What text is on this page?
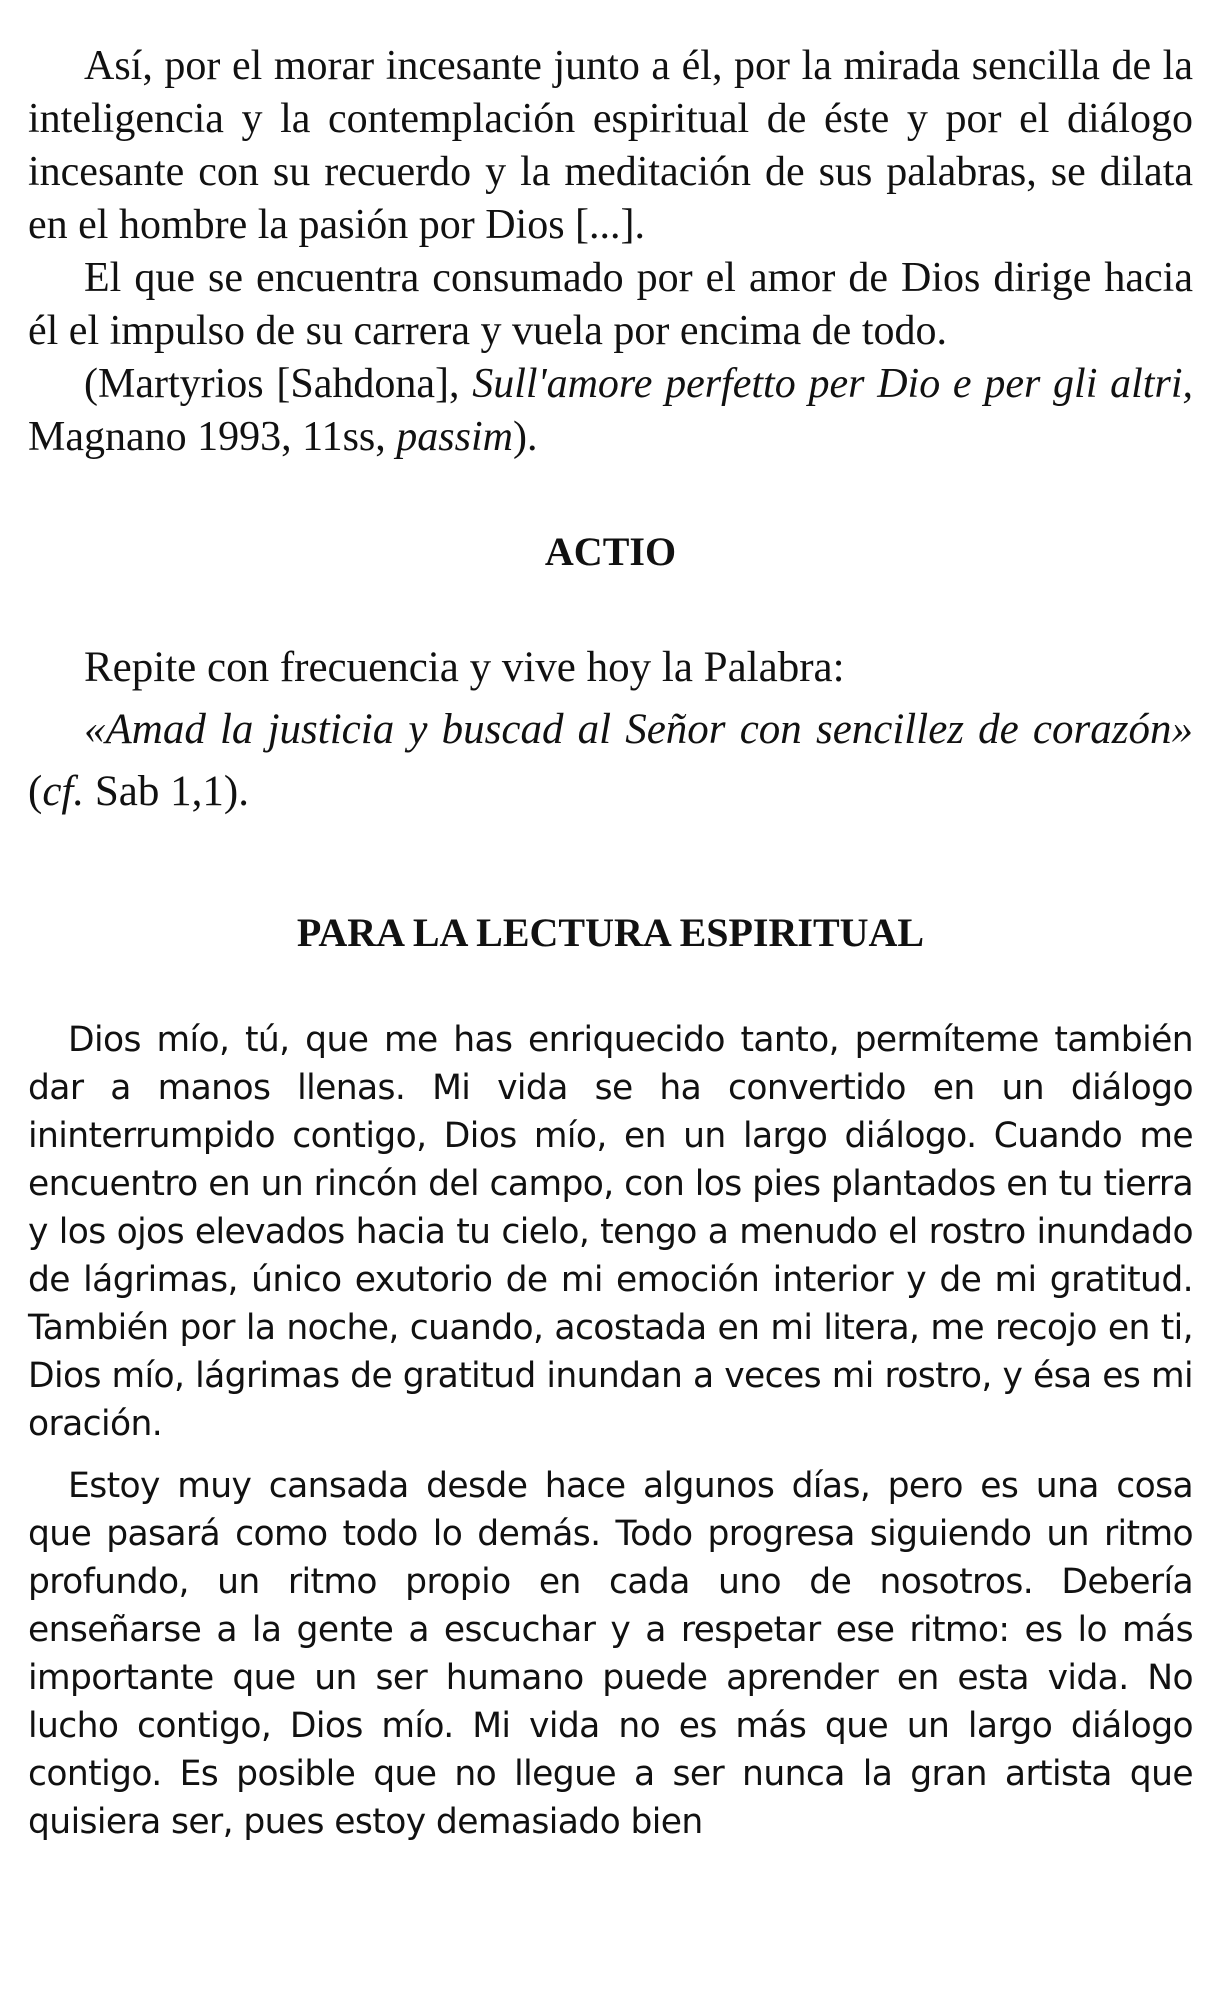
Así, por el morar incesante junto a él, por la mirada sencilla de la inteligencia y la contemplación espiritual de éste y por el diálogo incesante con su recuerdo y la meditación de sus palabras, se dilata en el hombre la pasión por Dios [...].

El que se encuentra consumado por el amor de Dios dirige hacia él el impulso de su carrera y vuela por encima de todo.

(Martyrios [Sahdona], Sull'amore perfetto per Dio e per gli altri, Magnano 1993, 11ss, passim).

ACTIO

Repite con frecuencia y vive hoy la Palabra:

«Amad la justicia y buscad al Señor con sencillez de corazón» (cf. Sab 1,1).

PARA LA LECTURA ESPIRITUAL

Dios mío, tú, que me has enriquecido tanto, permíteme también dar a manos llenas. Mi vida se ha convertido en un diálogo ininterrumpido contigo, Dios mío, en un largo diálogo. Cuando me encuentro en un rincón del campo, con los pies plantados en tu tierra y los ojos elevados hacia tu cielo, tengo a menudo el rostro inundado de lágrimas, único exutorio de mi emoción interior y de mi gratitud. También por la noche, cuando, acostada en mi litera, me recojo en ti, Dios mío, lágrimas de gratitud inundan a veces mi rostro, y ésa es mi oración.

Estoy muy cansada desde hace algunos días, pero es una cosa que pasará como todo lo demás. Todo progresa siguiendo un ritmo profundo, un ritmo propio en cada uno de nosotros. Debería enseñarse a la gente a escuchar y a respetar ese ritmo: es lo más importante que un ser humano puede aprender en esta vida. No lucho contigo, Dios mío. Mi vida no es más que un largo diálogo contigo. Es posible que no llegue a ser nunca la gran artista que quisiera ser, pues estoy demasiado bien
